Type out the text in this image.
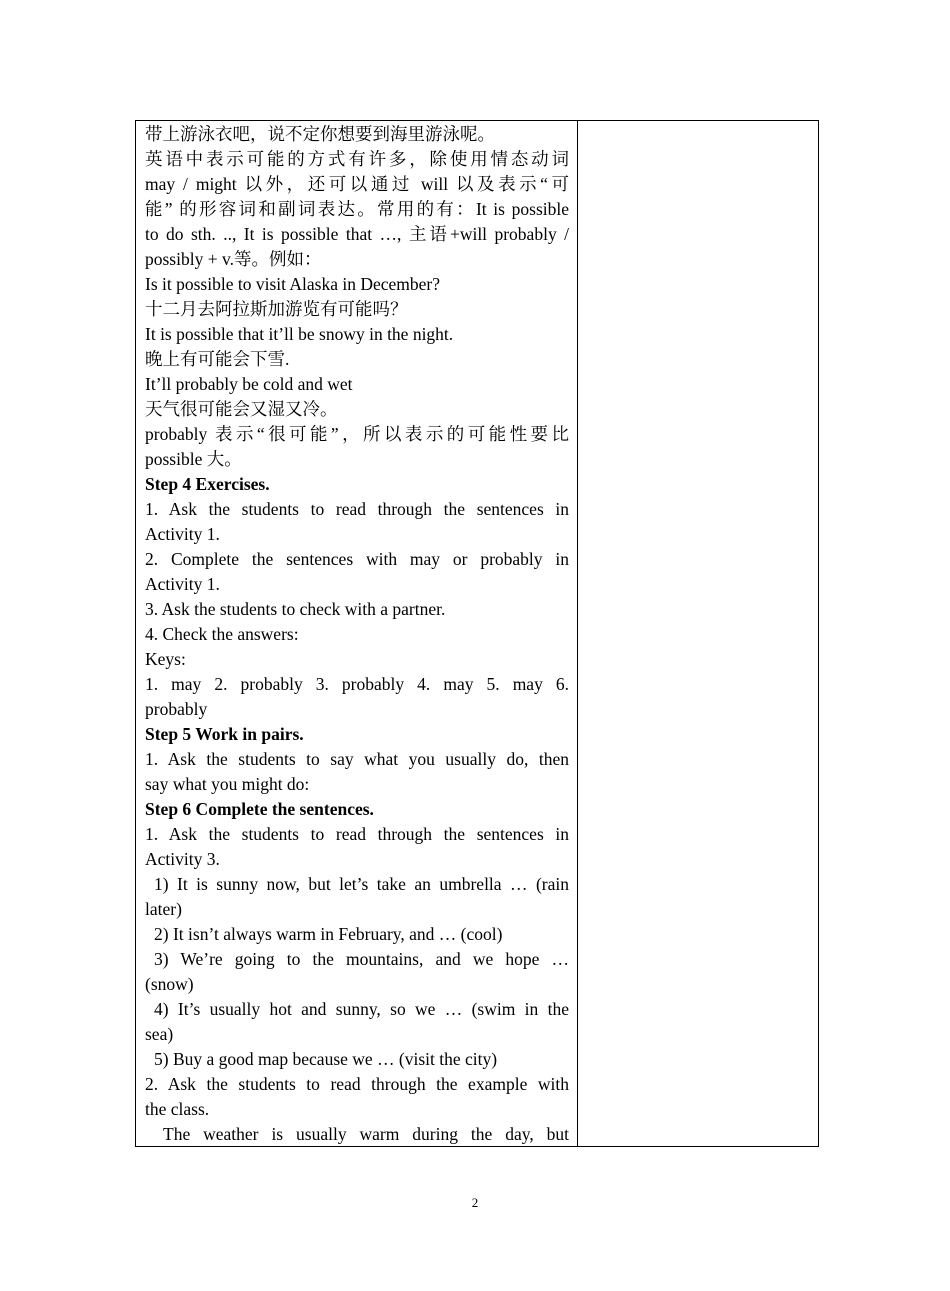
带上游泳衣吧，说不定你想要到海里游泳呢。
英语中表示可能的方式有许多，除使用情态动词
may / might 以外，还可以通过 will 以及表示“可
能” 的形容词和副词表达。常用的有：It is possible
to do sth. .., It is possible that …, 主语+will probably /
possibly + v.等。例如：
Is it possible to visit Alaska in December?
十二月去阿拉斯加游览有可能吗？
It is possible that it’ll be snowy in the night.
晚上有可能会下雪.
It’ll probably be cold and wet
天气很可能会又湿又冷。
probably 表示“很可能”，所以表示的可能性要比
possible 大。
Step 4 Exercises.
1. Ask the students to read through the sentences in
Activity 1.
2. Complete the sentences with may or probably in
Activity 1.
3. Ask the students to check with a partner.
4. Check the answers:
Keys:
1. may 2. probably 3. probably 4. may 5. may 6.
probably
Step 5 Work in pairs.
1. Ask the students to say what you usually do, then
say what you might do:
Step 6 Complete the sentences.
1. Ask the students to read through the sentences in
Activity 3.
1) It is sunny now, but let’s take an umbrella … (rain
later)
2) It isn’t always warm in February, and … (cool)
3) We’re going to the mountains, and we hope …
(snow)
4) It’s usually hot and sunny, so we … (swim in the
sea)
5) Buy a good map because we … (visit the city)
2. Ask the students to read through the example with
the class.
The weather is usually warm during the day, but
2
